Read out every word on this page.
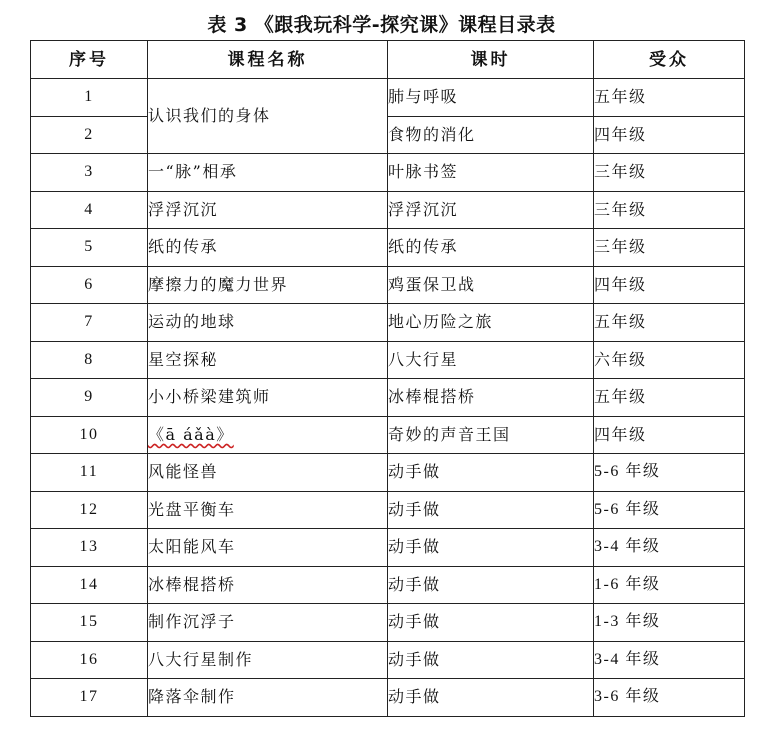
表 3 《跟我玩科学-探究课》课程目录表
序号	课程名称	课时	受众
1	认识我们的身体	肺与呼吸	五年级
2		食物的消化	四年级
3	一“脉”相承	叶脉书签	三年级
4	浮浮沉沉	浮浮沉沉	三年级
5	纸的传承	纸的传承	三年级
6	摩擦力的魔力世界	鸡蛋保卫战	四年级
7	运动的地球	地心历险之旅	五年级
8	星空探秘	八大行星	六年级
9	小小桥梁建筑师	冰棒棍搭桥	五年级
10	《ā áǎà》	奇妙的声音王国	四年级
11	风能怪兽	动手做	5-6 年级
12	光盘平衡车	动手做	5-6 年级
13	太阳能风车	动手做	3-4 年级
14	冰棒棍搭桥	动手做	1-6 年级
15	制作沉浮子	动手做	1-3 年级
16	八大行星制作	动手做	3-4 年级
17	降落伞制作	动手做	3-6 年级
